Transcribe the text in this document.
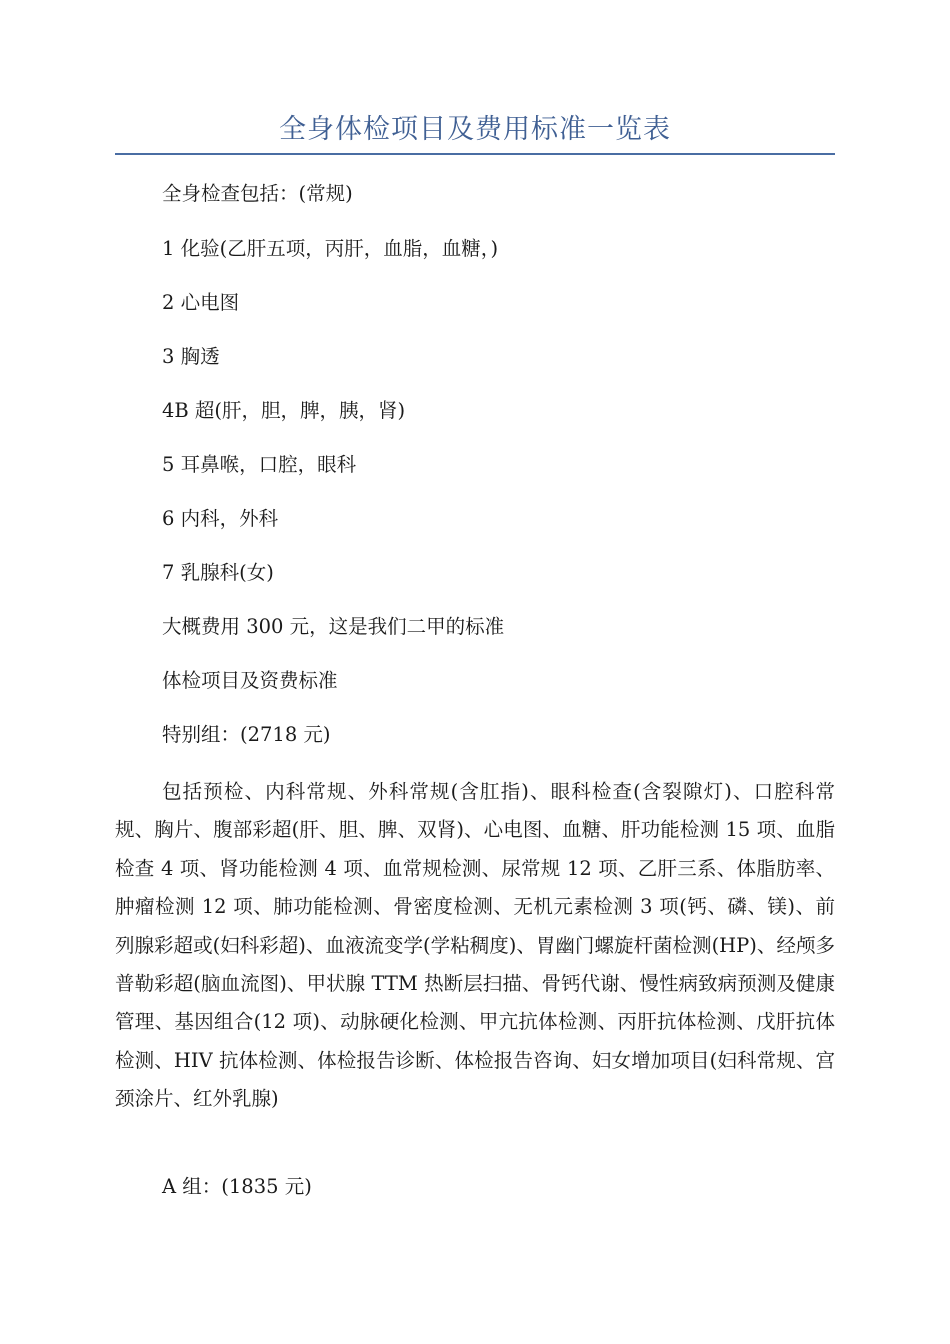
全身体检项目及费用标准一览表
全身检查包括：(常规)
1 化验(乙肝五项，丙肝，血脂，血糖，)
2 心电图
3 胸透
4B 超(肝，胆，脾，胰，肾)
5 耳鼻喉，口腔，眼科
6 内科，外科
7 乳腺科(女)
大概费用 300 元，这是我们二甲的标准
体检项目及资费标准
特别组：(2718 元)
包括预检、内科常规、外科常规(含肛指)、眼科检查(含裂隙灯)、口腔科常规、胸片、腹部彩超(肝、胆、脾、双肾)、心电图、血糖、肝功能检测 15 项、血脂检查 4 项、肾功能检测 4 项、血常规检测、尿常规 12 项、乙肝三系、体脂肪率、肿瘤检测 12 项、肺功能检测、骨密度检测、无机元素检测 3 项(钙、磷、镁)、前列腺彩超或(妇科彩超)、血液流变学(学粘稠度)、胃幽门螺旋杆菌检测(HP)、经颅多普勒彩超(脑血流图)、甲状腺 TTM 热断层扫描、骨钙代谢、慢性病致病预测及健康管理、基因组合(12 项)、动脉硬化检测、甲亢抗体检测、丙肝抗体检测、戊肝抗体检测、HIV 抗体检测、体检报告诊断、体检报告咨询、妇女增加项目(妇科常规、宫颈涂片、红外乳腺)
A 组：(1835 元)
